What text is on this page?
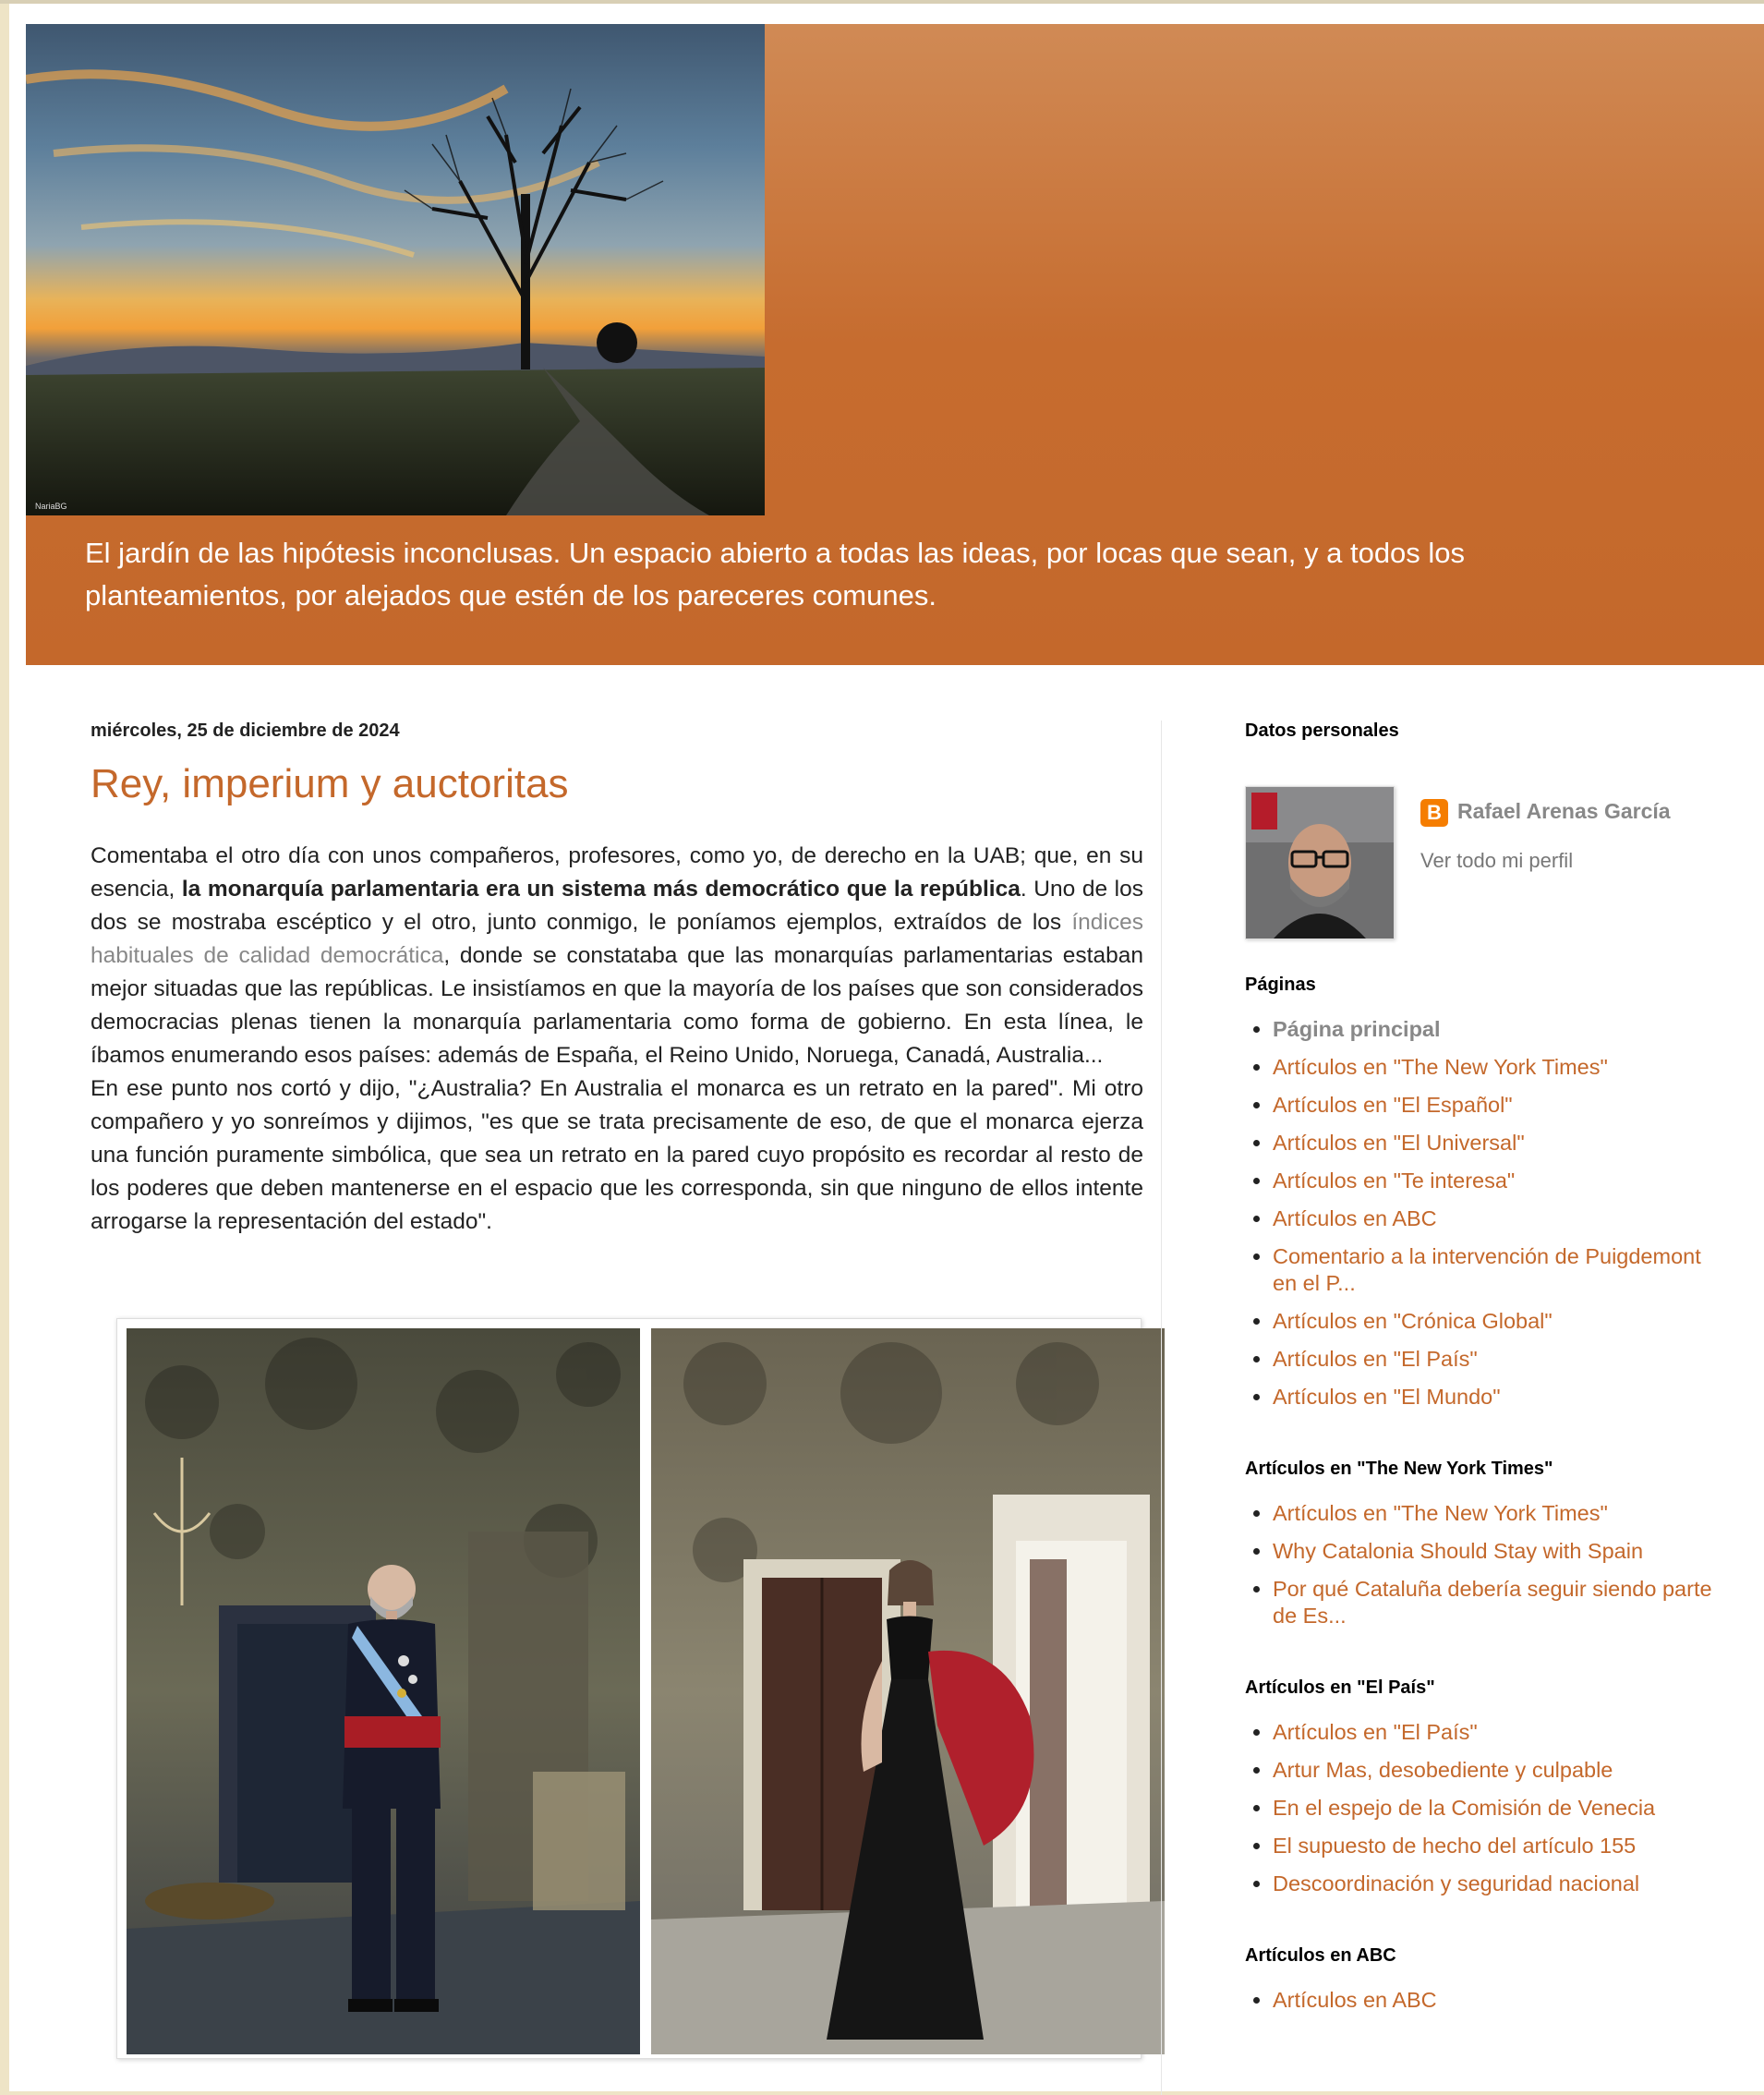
NariaBG
El jardín de las hipótesis inconclusas. Un espacio abierto a todas las ideas, por locas que sean, y a todos los planteamientos, por alejados que estén de los pareceres comunes.
miércoles, 25 de diciembre de 2024
Rey, imperium y auctoritas

Comentaba el otro día con unos compañeros, profesores, como yo, de derecho en la UAB; que, en su esencia, la monarquía parlamentaria era un sistema más democrático que la república. Uno de los dos se mostraba escéptico y el otro, junto conmigo, le poníamos ejemplos, extraídos de los índices habituales de calidad democrática, donde se constataba que las monarquías parlamentarias estaban mejor situadas que las repúblicas. Le insistíamos en que la mayoría de los países que son considerados democracias plenas tienen la monarquía parlamentaria como forma de gobierno. En esta línea, le íbamos enumerando esos países: además de España, el Reino Unido, Noruega, Canadá, Australia...

En ese punto nos cortó y dijo, "¿Australia? En Australia el monarca es un retrato en la pared". Mi otro compañero y yo sonreímos y dijimos, "es que se trata precisamente de eso, de que el monarca ejerza una función puramente simbólica, que sea un retrato en la pared cuyo propósito es recordar al resto de los poderes que deben mantenerse en el espacio que les corresponda, sin que ninguno de ellos intente arrogarse la representación del estado".

Datos personales
B Rafael Arenas García
Ver todo mi perfil
Páginas
• Página principal
• Artículos en "The New York Times"
• Artículos en "El Español"
• Artículos en "El Universal"
• Artículos en "Te interesa"
• Artículos en ABC
• Comentario a la intervención de Puigdemont en el P...
• Artículos en "Crónica Global"
• Artículos en "El País"
• Artículos en "El Mundo"
Artículos en "The New York Times"
• Artículos en "The New York Times"
• Why Catalonia Should Stay with Spain
• Por qué Cataluña debería seguir siendo parte de Es...
Artículos en "El País"
• Artículos en "El País"
• Artur Mas, desobediente y culpable
• En el espejo de la Comisión de Venecia
• El supuesto de hecho del artículo 155
• Descoordinación y seguridad nacional
Artículos en ABC
• Artículos en ABC
